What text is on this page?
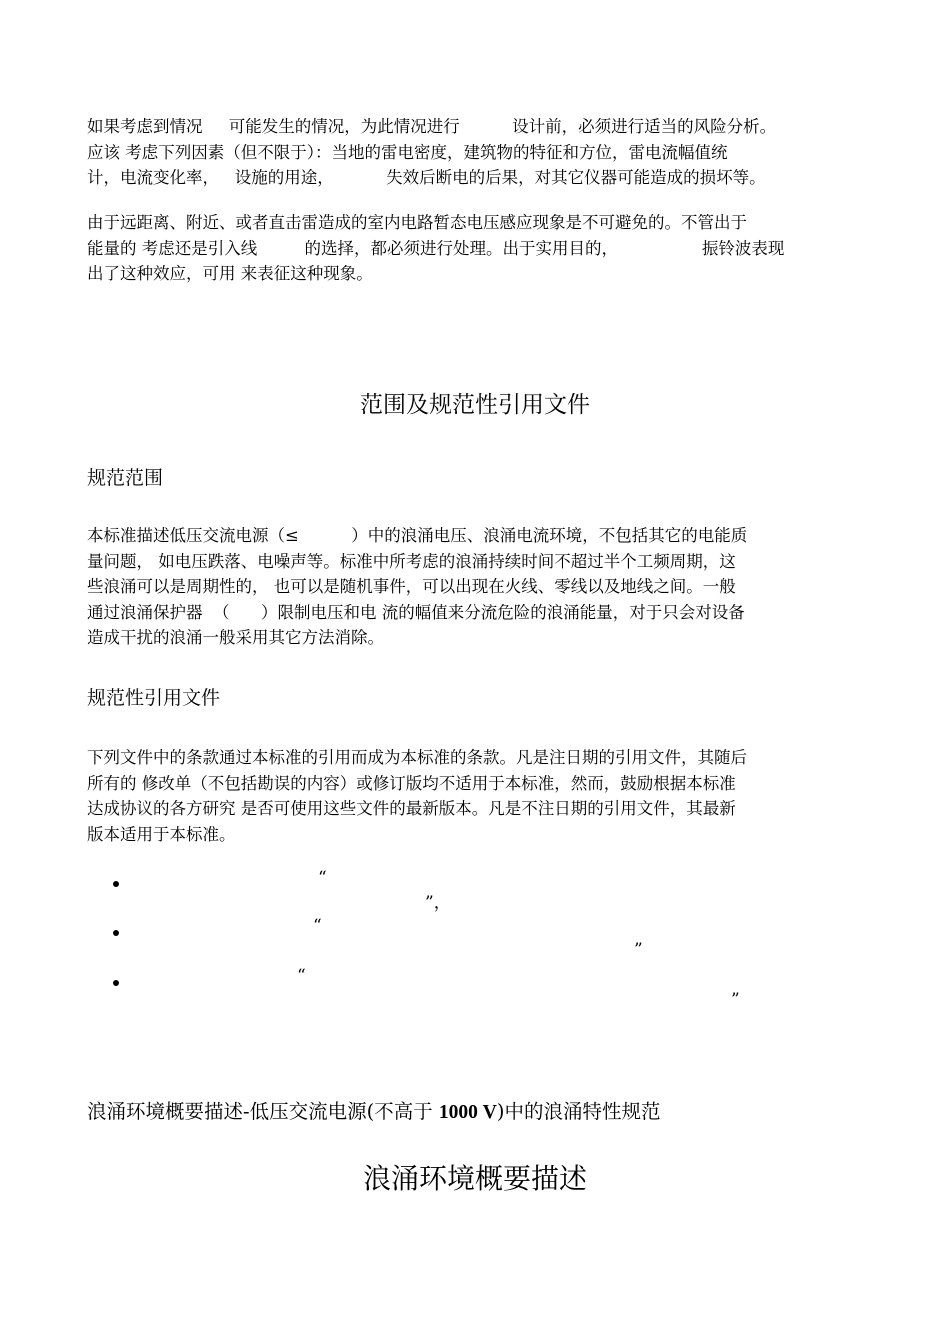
如果考虑到情况     可能发生的情况，为此情况进行          设计前，必须进行适当的风险分析。
应该 考虑下列因素（但不限于）：当地的雷电密度，建筑物的特征和方位，雷电流幅值统
计，电流变化率，   设施的用途，          失效后断电的后果，对其它仪器可能造成的损坏等。

由于远距离、附近、或者直击雷造成的室内电路暂态电压感应现象是不可避免的。不管出于
能量的 考虑还是引入线         的选择，都必须进行处理。出于实用目的，                振铃波表现
出了这种效应，可用 来表征这种现象。

范围及规范性引用文件
规范范围

本标准描述低压交流电源（≤          ）中的浪涌电压、浪涌电流环境，不包括其它的电能质
量问题， 如电压跌落、电噪声等。标准中所考虑的浪涌持续时间不超过半个工频周期，这
些浪涌可以是周期性的， 也可以是随机事件，可以出现在火线、零线以及地线之间。一般
通过浪涌保护器  （      ）限制电压和电 流的幅值来分流危险的浪涌能量，对于只会对设备
造成干扰的浪涌一般采用其它方法消除。

规范性引用文件

下列文件中的条款通过本标准的引用而成为本标准的条款。凡是注日期的引用文件，其随后
所有的 修改单（不包括勘误的内容）或修订版均不适用于本标准，然而，鼓励根据本标准
达成协议的各方研究 是否可使用这些文件的最新版本。凡是不注日期的引用文件，其最新
版本适用于本标准。

“
”，
“
”
“
”
浪涌环境概要描述-低压交流电源(不高于 1000 V)中的浪涌特性规范
浪涌环境概要描述
